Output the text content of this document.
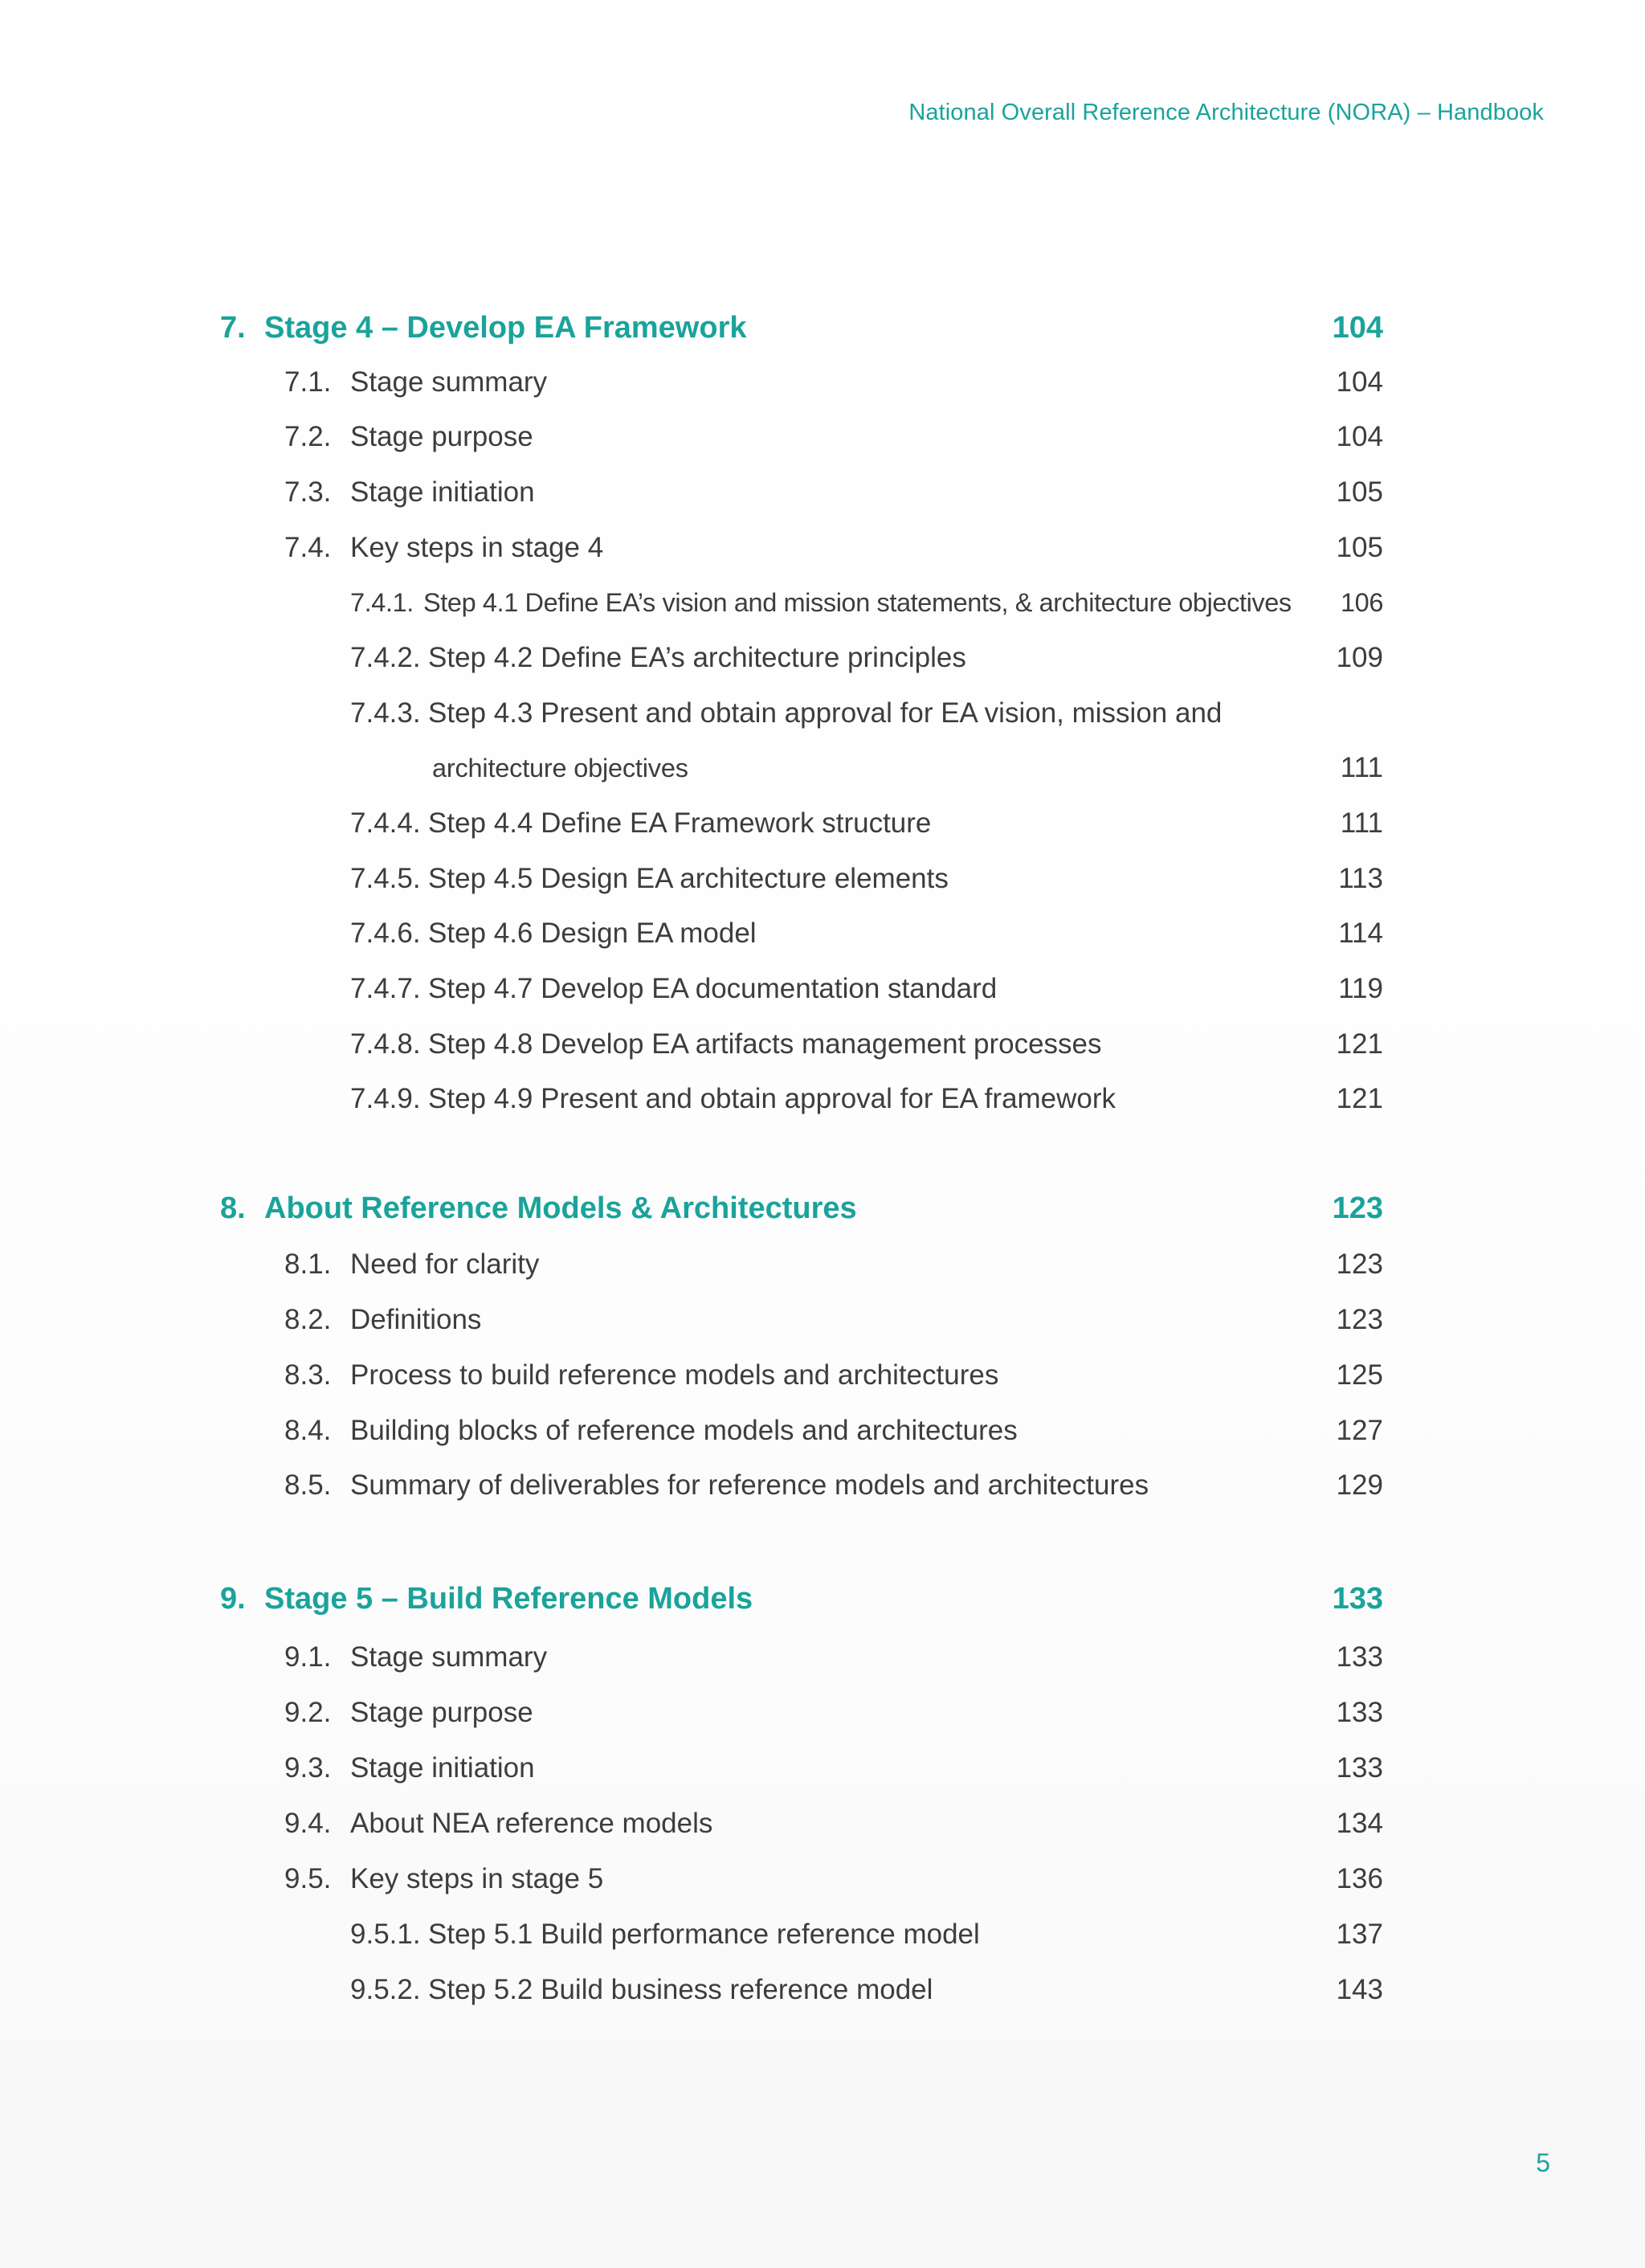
National Overall Reference Architecture (NORA) – Handbook
7. Stage 4 – Develop EA Framework	104
7.1. Stage summary	104
7.2. Stage purpose	104
7.3. Stage initiation	105
7.4. Key steps in stage 4	105
7.4.1. Step 4.1 Define EA’s vision and mission statements, & architecture objectives 106
7.4.2. Step 4.2 Define EA’s architecture principles	109
7.4.3. Step 4.3 Present and obtain approval for EA vision, mission and
architecture objectives	111
7.4.4. Step 4.4 Define EA Framework structure	111
7.4.5. Step 4.5 Design EA architecture elements	113
7.4.6. Step 4.6 Design EA model	114
7.4.7. Step 4.7 Develop EA documentation standard	119
7.4.8. Step 4.8 Develop EA artifacts management processes	121
7.4.9. Step 4.9 Present and obtain approval for EA framework	121
8. About Reference Models & Architectures	123
8.1. Need for clarity	123
8.2. Definitions	123
8.3. Process to build reference models and architectures	125
8.4. Building blocks of reference models and architectures	127
8.5. Summary of deliverables for reference models and architectures	129
9. Stage 5 – Build Reference Models	133
9.1. Stage summary	133
9.2. Stage purpose	133
9.3. Stage initiation	133
9.4. About NEA reference models	134
9.5. Key steps in stage 5	136
9.5.1. Step 5.1 Build performance reference model	137
9.5.2. Step 5.2 Build business reference model	143
5
